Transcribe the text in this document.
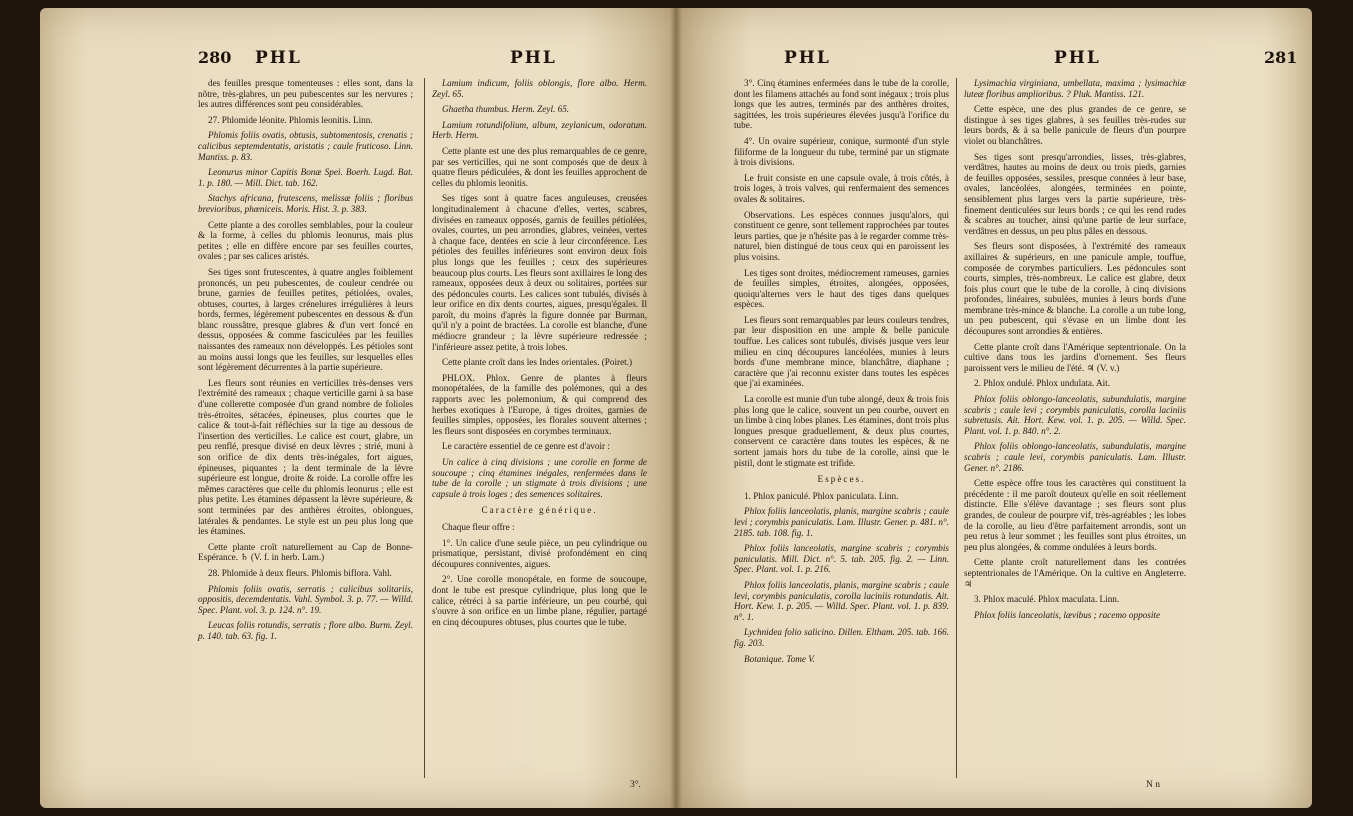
280 PHL	PHL

des feuilles presque tomenteuses : elles sont, dans la nôtre, très-glabres, un peu pubescentes sur les nervures ; les autres différences sont peu considérables.

27. Phlomide léonite. Phlomis leonitis. Linn.

Phlomis foliis ovatis, obtusis, subtomentosis, crenatis ; calicibus septemdentatis, aristatis ; caule fruticoso. Linn. Mantiss. p. 83.

Leonurus minor Capitis Bonæ Spei. Boerh. Lugd. Bat. 1. p. 180. — Mill. Dict. tab. 162.

Stachys africana, frutescens, melissæ foliis ; floribus brevioribus, phœniceis. Moris. Hist. 3. p. 383.

Cette plante a des corolles semblables, pour la couleur & la forme, à celles du phlomis leonurus, mais plus petites ; elle en diffère encore par ses feuilles courtes, ovales ; par ses calices aristés.

Ses tiges sont frutescentes, à quatre angles foiblement prononcés, un peu pubescentes, de couleur cendrée ou brune, garnies de feuilles petites, pétiolées, ovales, obtuses, courtes, à larges crénelures irrégulières à leurs bords, fermes, légèrement pubescentes en dessous & d'un blanc roussâtre, presque glabres & d'un vert foncé en dessus, opposées & comme fasciculées par les feuilles naissantes des rameaux non développés. Les pétioles sont au moins aussi longs que les feuilles, sur lesquelles elles sont légèrement décurrentes à la partie supérieure.

Les fleurs sont réunies en verticilles très-denses vers l'extrémité des rameaux ; chaque verticille garni à sa base d'une collerette composée d'un grand nombre de folioles très-étroites, sétacées, épineuses, plus courtes que le calice & tout-à-fait réfléchies sur la tige au dessous de l'insertion des verticilles. Le calice est court, glabre, un peu renflé, presque divisé en deux lèvres ; strié, muni à son orifice de dix dents très-inégales, fort aigues, épineuses, piquantes ; la dent terminale de la lèvre supérieure est longue, droite & roide. La corolle offre les mêmes caractères que celle du phlomis leonurus ; elle est plus petite. Les étamines dépassent la lèvre supérieure, & sont terminées par des anthères étroites, oblongues, latérales & pendantes. Le style est un peu plus long que les étamines.

Cette plante croît naturellement au Cap de Bonne-Espérance. ♄ (V. f. in herb. Lam.)

28. Phlomide à deux fleurs. Phlomis biflora. Vahl.

Phlomis foliis ovatis, serratis ; calicibus solitariis, oppositis, decemdentatis. Vahl. Symbol. 3. p. 77. — Willd. Spec. Plant. vol. 3. p. 124. n°. 19.

Leucas foliis rotundis, serratis ; flore albo. Burm. Zeyl. p. 140. tab. 63. fig. 1.

Lamium indicum, foliis oblongis, flore albo. Herm. Zeyl. 65.

Ghaetha thumbus. Herm. Zeyl. 65.

Lamium rotundifolium, album, zeylanicum, odoratum. Herb. Herm.

Cette plante est une des plus remarquables de ce genre, par ses verticilles, qui ne sont composés que de deux à quatre fleurs pédiculées, & dont les feuilles approchent de celles du phlomis leonitis.

Ses tiges sont à quatre faces anguleuses, creusées longitudinalement à chacune d'elles, vertes, scabres, divisées en rameaux opposés, garnis de feuilles pétiolées, ovales, courtes, un peu arrondies, glabres, veinées, vertes à chaque face, dentées en scie à leur circonférence. Les pétioles des feuilles inférieures sont environ deux fois plus longs que les feuilles ; ceux des supérieures beaucoup plus courts. Les fleurs sont axillaires le long des rameaux, opposées deux à deux ou solitaires, portées sur des pédoncules courts. Les calices sont tubulés, divisés à leur orifice en dix dents courtes, aigues, presqu'égales. Il paroît, du moins d'après la figure donnée par Burman, qu'il n'y a point de bractées. La corolle est blanche, d'une médiocre grandeur ; la lèvre supérieure redressée ; l'inférieure assez petite, à trois lobes.

Cette plante croît dans les Indes orientales. (Poiret.)

PHLOX. Phlox. Genre de plantes à fleurs monopétalées, de la famille des polémones, qui a des rapports avec les polemonium, & qui comprend des herbes exotiques à l'Europe, à tiges droites, garnies de feuilles simples, opposées, les florales souvent alternes ; les fleurs sont disposées en corymbes terminaux.

Le caractère essentiel de ce genre est d'avoir :

Un calice à cinq divisions ; une corolle en forme de soucoupe ; cinq étamines inégales, renfermées dans le tube de la corolle ; un stigmate à trois divisions ; une capsule à trois loges ; des semences solitaires.

Caractère générique.

Chaque fleur offre :

1°. Un calice d'une seule pièce, un peu cylindrique ou prismatique, persistant, divisé profondément en cinq découpures conniventes, aigues.

2°. Une corolle monopétale, en forme de soucoupe, dont le tube est presque cylindrique, plus long que le calice, rétréci à sa partie inférieure, un peu courbé, qui s'ouvre à son orifice en un limbe plane, régulier, partagé en cinq découpures obtuses, plus courtes que le tube.

3°.
PHL	PHL	281

3°. Cinq étamines enfermées dans le tube de la corolle, dont les filamens attachés au fond sont inégaux ; trois plus longs que les autres, terminés par des anthères droites, sagittées, les trois supérieures élevées jusqu'à l'orifice du tube.

4°. Un ovaire supérieur, conique, surmonté d'un style filiforme de la longueur du tube, terminé par un stigmate à trois divisions.

Le fruit consiste en une capsule ovale, à trois côtés, à trois loges, à trois valves, qui renfermaient des semences ovales & solitaires.

Observations. Les espèces connues jusqu'alors, qui constituent ce genre, sont tellement rapprochées par toutes leurs parties, que je n'hésite pas à le regarder comme très-naturel, bien distingué de tous ceux qui en paroissent les plus voisins.

Les tiges sont droites, médiocrement rameuses, garnies de feuilles simples, étroites, alongées, opposées, quoiqu'alternes vers le haut des tiges dans quelques espèces.

Les fleurs sont remarquables par leurs couleurs tendres, par leur disposition en une ample & belle panicule touffue. Les calices sont tubulés, divisés jusque vers leur milieu en cinq découpures lancéolées, munies à leurs bords d'une membrane mince, blanchâtre, diaphane ; caractère que j'ai reconnu exister dans toutes les espèces que j'ai examinées.

La corolle est munie d'un tube alongé, deux & trois fois plus long que le calice, souvent un peu courbe, ouvert en un limbe à cinq lobes planes. Les étamines, dont trois plus longues presque graduellement, & deux plus courtes, conservent ce caractère dans toutes les espèces, & ne sortent jamais hors du tube de la corolle, ainsi que le pistil, dont le stigmate est trifide.

Espèces.

1. Phlox paniculé. Phlox paniculata. Linn.

Phlox foliis lanceolatis, planis, margine scabris ; caule levi ; corymbis paniculatis. Lam. Illustr. Gener. p. 481. n°. 2185. tab. 108. fig. 1.

Phlox foliis lanceolatis, margine scabris ; corymbis paniculatis. Mill. Dict. n°. 5. tab. 205. fig. 2. — Linn. Spec. Plant. vol. 1. p. 216.

Phlox foliis lanceolatis, planis, margine scabris ; caule levi, corymbis paniculatis, corolla laciniis rotundatis. Ait. Hort. Kew. 1. p. 205. — Willd. Spec. Plant. vol. 1. p. 839. n°. 1.

Lychnidea folio salicino. Dillen. Eltham. 205. tab. 166. fig. 203.

Botanique. Tome V.

Lysimachia virginiana, umbellata, maxima ; lysimachiæ luteæ floribus amplioribus. ? Pluk. Mantiss. 121.

Cette espèce, une des plus grandes de ce genre, se distingue à ses tiges glabres, à ses feuilles très-rudes sur leurs bords, & à sa belle panicule de fleurs d'un pourpre violet ou blanchâtres.

Ses tiges sont presqu'arrondies, lisses, très-glabres, verdâtres, hautes au moins de deux ou trois pieds, garnies de feuilles opposées, sessiles, presque connées à leur base, ovales, lancéolées, alongées, terminées en pointe, sensiblement plus larges vers la partie supérieure, très-finement denticulées sur leurs bords ; ce qui les rend rudes & scabres au toucher, ainsi qu'une partie de leur surface, verdâtres en dessus, un peu plus pâles en dessous.

Ses fleurs sont disposées, à l'extrémité des rameaux axillaires & supérieurs, en une panicule ample, touffue, composée de corymbes particuliers. Les pédoncules sont courts, simples, très-nombreux. Le calice est glabre, deux fois plus court que le tube de la corolle, à cinq divisions profondes, linéaires, subulées, munies à leurs bords d'une membrane très-mince & blanche. La corolle a un tube long, un peu pubescent, qui s'évase en un limbe dont les découpures sont arrondies & entières.

Cette plante croît dans l'Amérique septentrionale. On la cultive dans tous les jardins d'ornement. Ses fleurs paroissent vers le milieu de l'été. ♃ (V. v.)

2. Phlox ondulé. Phlox undulata. Ait.

Phlox foliis oblongo-lanceolatis, subundulatis, margine scabris ; caule levi ; corymbis paniculatis, corolla laciniis subretusis. Ait. Hort. Kew. vol. 1. p. 205. — Willd. Spec. Plant. vol. 1. p. 840. n°. 2.

Phlox foliis oblongo-lanceolatis, subundulatis, margine scabris ; caule levi, corymbis paniculatis. Lam. Illustr. Gener. n°. 2186.

Cette espèce offre tous les caractères qui constituent la précédente : il me paroît douteux qu'elle en soit réellement distincte. Elle s'élève davantage ; ses fleurs sont plus grandes, de couleur de pourpre vif, très-agréables ; les lobes de la corolle, au lieu d'être parfaitement arrondis, sont un peu retus à leur sommet ; les feuilles sont plus étroites, un peu plus alongées, & comme ondulées à leurs bords.

Cette plante croît naturellement dans les contrées septentrionales de l'Amérique. On la cultive en Angleterre. ♃

3. Phlox maculé. Phlox maculata. Linn.

Phlox foliis lanceolatis, lævibus ; racemo opposite

N n
